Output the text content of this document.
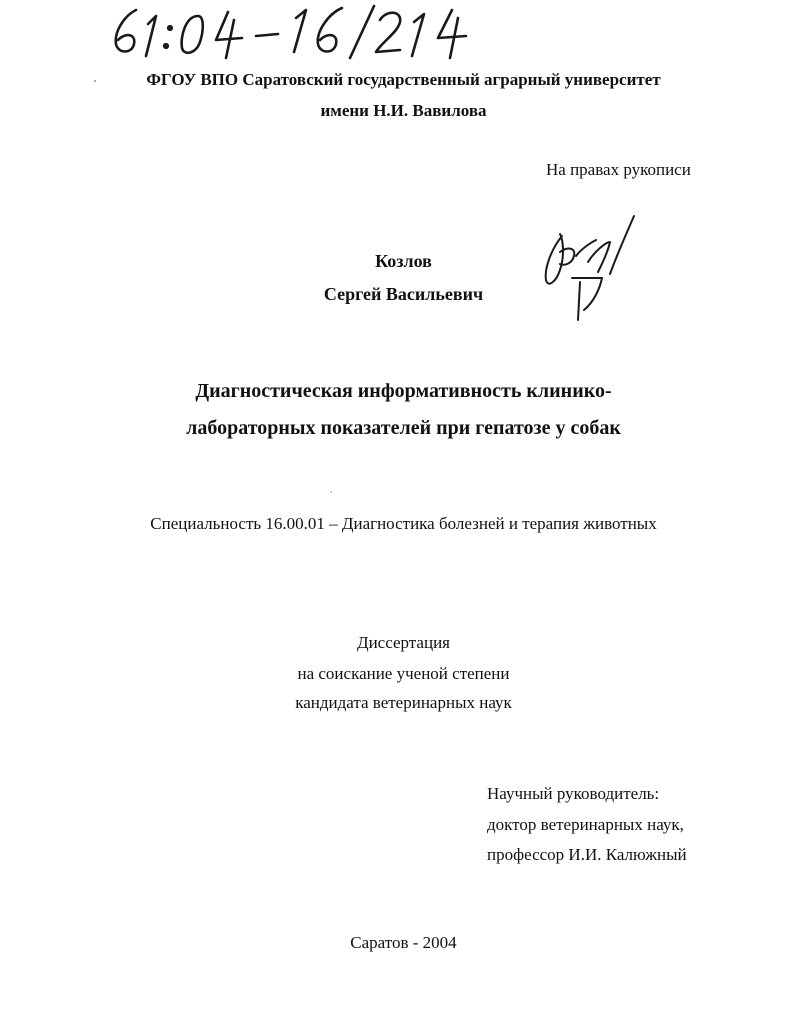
ФГОУ ВПО Саратовский государственный аграрный университет
имени Н.И. Вавилова
На правах рукописи
Козлов
Сергей Васильевич
Диагностическая информативность клинико-
лабораторных показателей при гепатозе у собак
Специальность 16.00.01 – Диагностика болезней и терапия животных
Диссертация
на соискание ученой степени
кандидата ветеринарных наук
Научный руководитель:
доктор ветеринарных наук,
профессор И.И. Калюжный
Саратов - 2004
